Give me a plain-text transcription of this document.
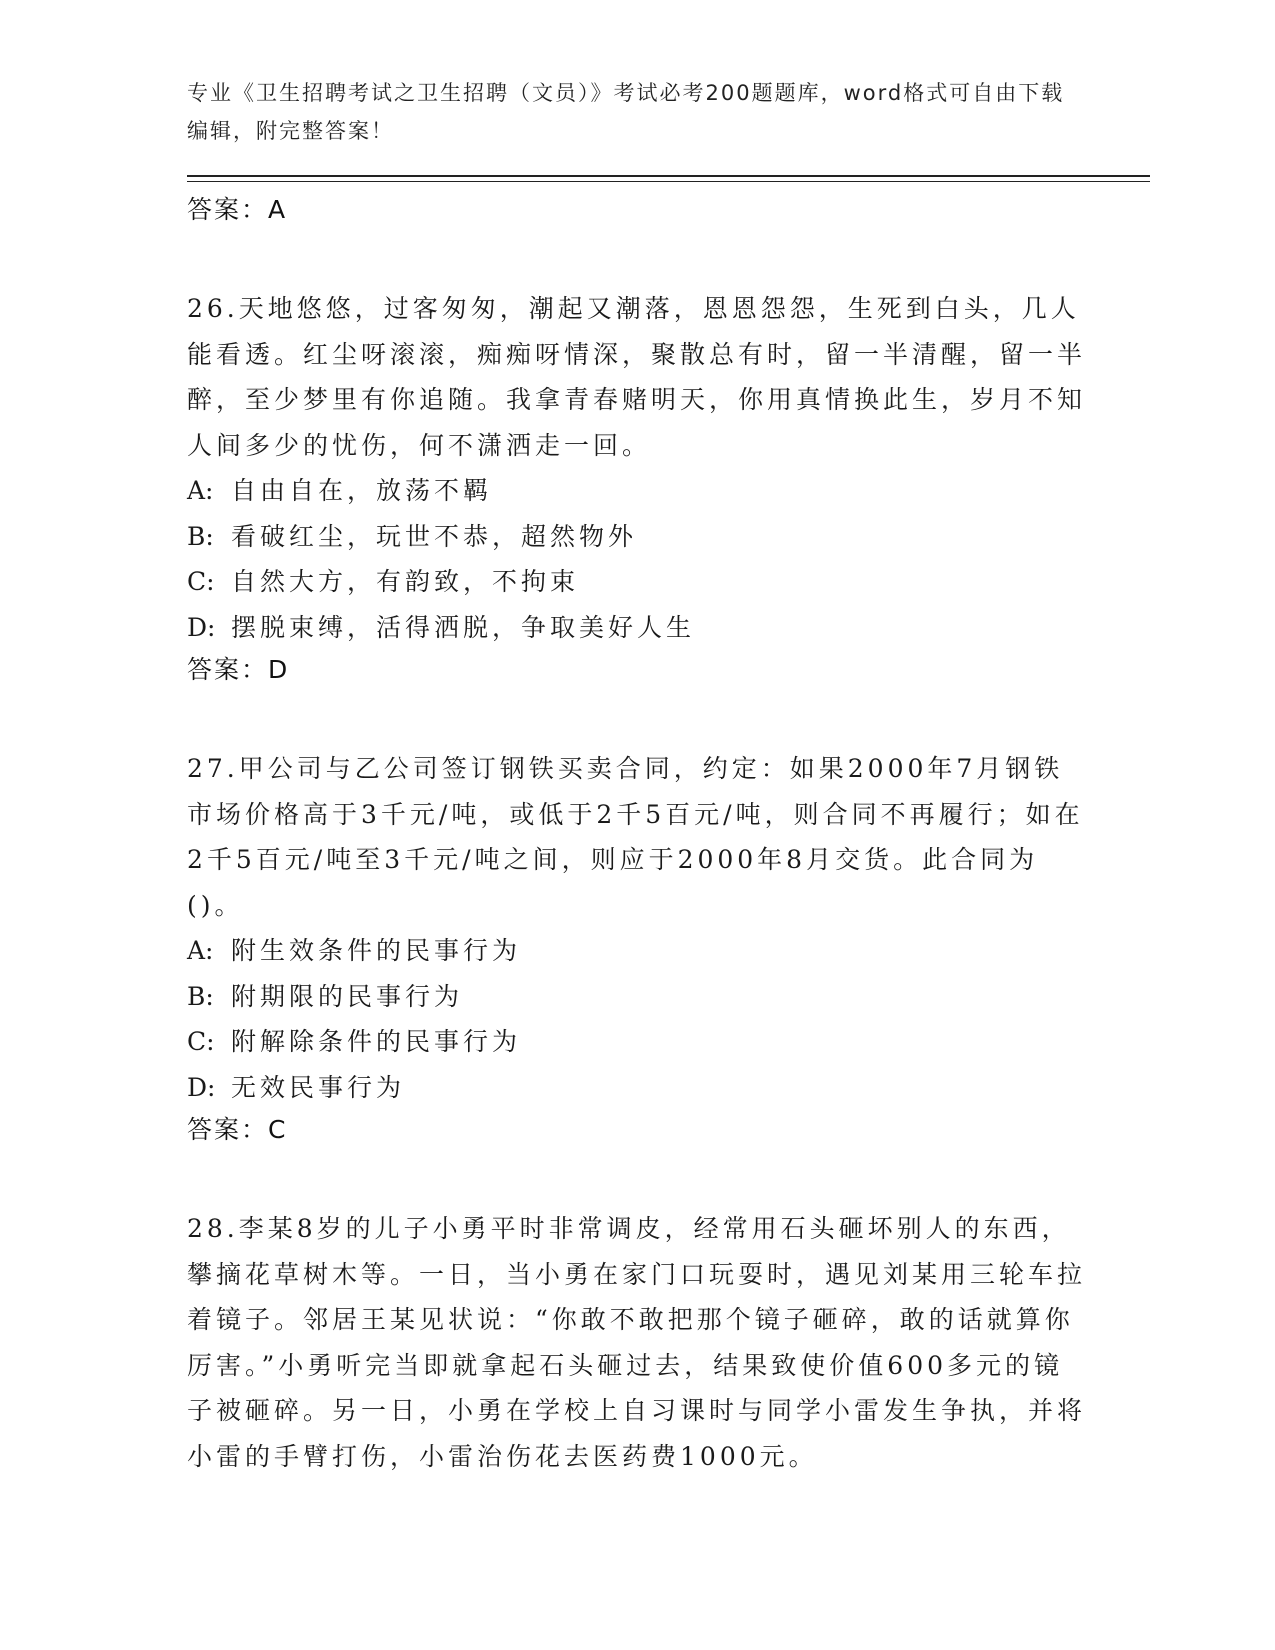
专业《卫生招聘考试之卫生招聘（文员）》考试必考200题题库，word格式可自由下载编辑，附完整答案！
答案：A
26.天地悠悠，过客匆匆，潮起又潮落，恩恩怨怨，生死到白头，几人能看透。红尘呀滚滚，痴痴呀情深，聚散总有时，留一半清醒，留一半醉，至少梦里有你追随。我拿青春赌明天，你用真情换此生，岁月不知人间多少的忧伤，何不潇洒走一回。
A: 自由自在，放荡不羁
B: 看破红尘，玩世不恭，超然物外
C: 自然大方，有韵致，不拘束
D: 摆脱束缚，活得洒脱，争取美好人生
答案：D
27.甲公司与乙公司签订钢铁买卖合同，约定：如果2000年7月钢铁市场价格高于3千元/吨，或低于2千5百元/吨，则合同不再履行；如在2千5百元/吨至3千元/吨之间，则应于2000年8月交货。此合同为()。
A: 附生效条件的民事行为
B: 附期限的民事行为
C: 附解除条件的民事行为
D: 无效民事行为
答案：C
28.李某8岁的儿子小勇平时非常调皮，经常用石头砸坏别人的东西，攀摘花草树木等。一日，当小勇在家门口玩耍时，遇见刘某用三轮车拉着镜子。邻居王某见状说：“你敢不敢把那个镜子砸碎，敢的话就算你厉害。”小勇听完当即就拿起石头砸过去，结果致使价值600多元的镜子被砸碎。另一日，小勇在学校上自习课时与同学小雷发生争执，并将小雷的手臂打伤，小雷治伤花去医药费1000元。
